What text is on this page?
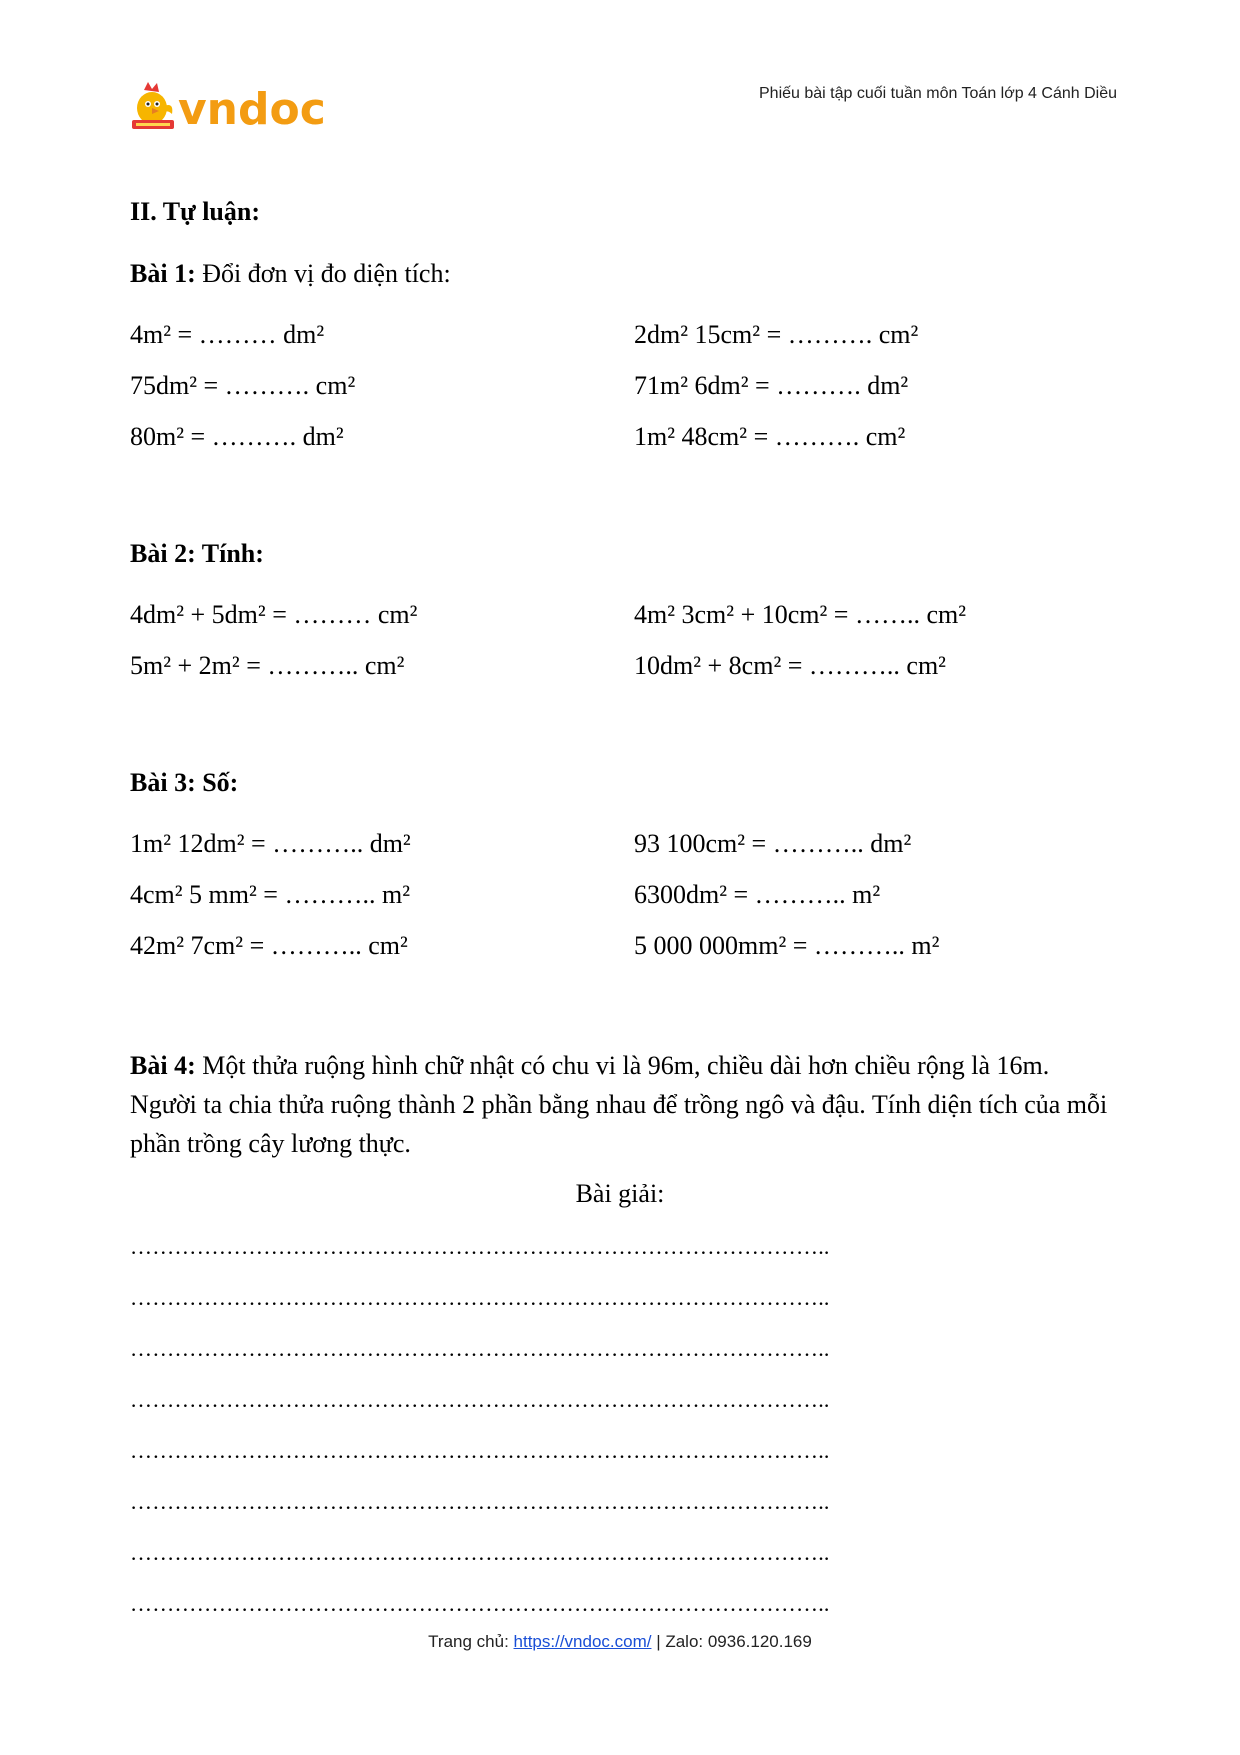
vndoc	Phiếu bài tập cuối tuần môn Toán lớp 4 Cánh Diều
II. Tự luận:
Bài 1: Đổi đơn vị đo diện tích:
4m² = ……… dm²	2dm² 15cm² = ………. cm²
75dm² = ………. cm²	71m² 6dm² = ………. dm²
80m² = ………. dm²	1m² 48cm² = ………. cm²
Bài 2: Tính:
4dm² + 5dm² = ……… cm²	4m² 3cm² + 10cm² = …….. cm²
5m² + 2m² = ……….. cm²	10dm² + 8cm² = ……….. cm²
Bài 3: Số:
1m² 12dm² = ……….. dm²	93 100cm² = ……….. dm²
4cm² 5 mm² = ……….. m²	6300dm² = ……….. m²
42m² 7cm² = ……….. cm²	5 000 000mm² = ……….. m²
Bài 4: Một thửa ruộng hình chữ nhật có chu vi là 96m, chiều dài hơn chiều rộng là 16m. Người ta chia thửa ruộng thành 2 phần bằng nhau để trồng ngô và đậu. Tính diện tích của mỗi phần trồng cây lương thực.
Bài giải:
…………………………………………………………………………………..
…………………………………………………………………………………..
…………………………………………………………………………………..
…………………………………………………………………………………..
…………………………………………………………………………………..
…………………………………………………………………………………..
…………………………………………………………………………………..
…………………………………………………………………………………..
Trang chủ: https://vndoc.com/ | Zalo: 0936.120.169
